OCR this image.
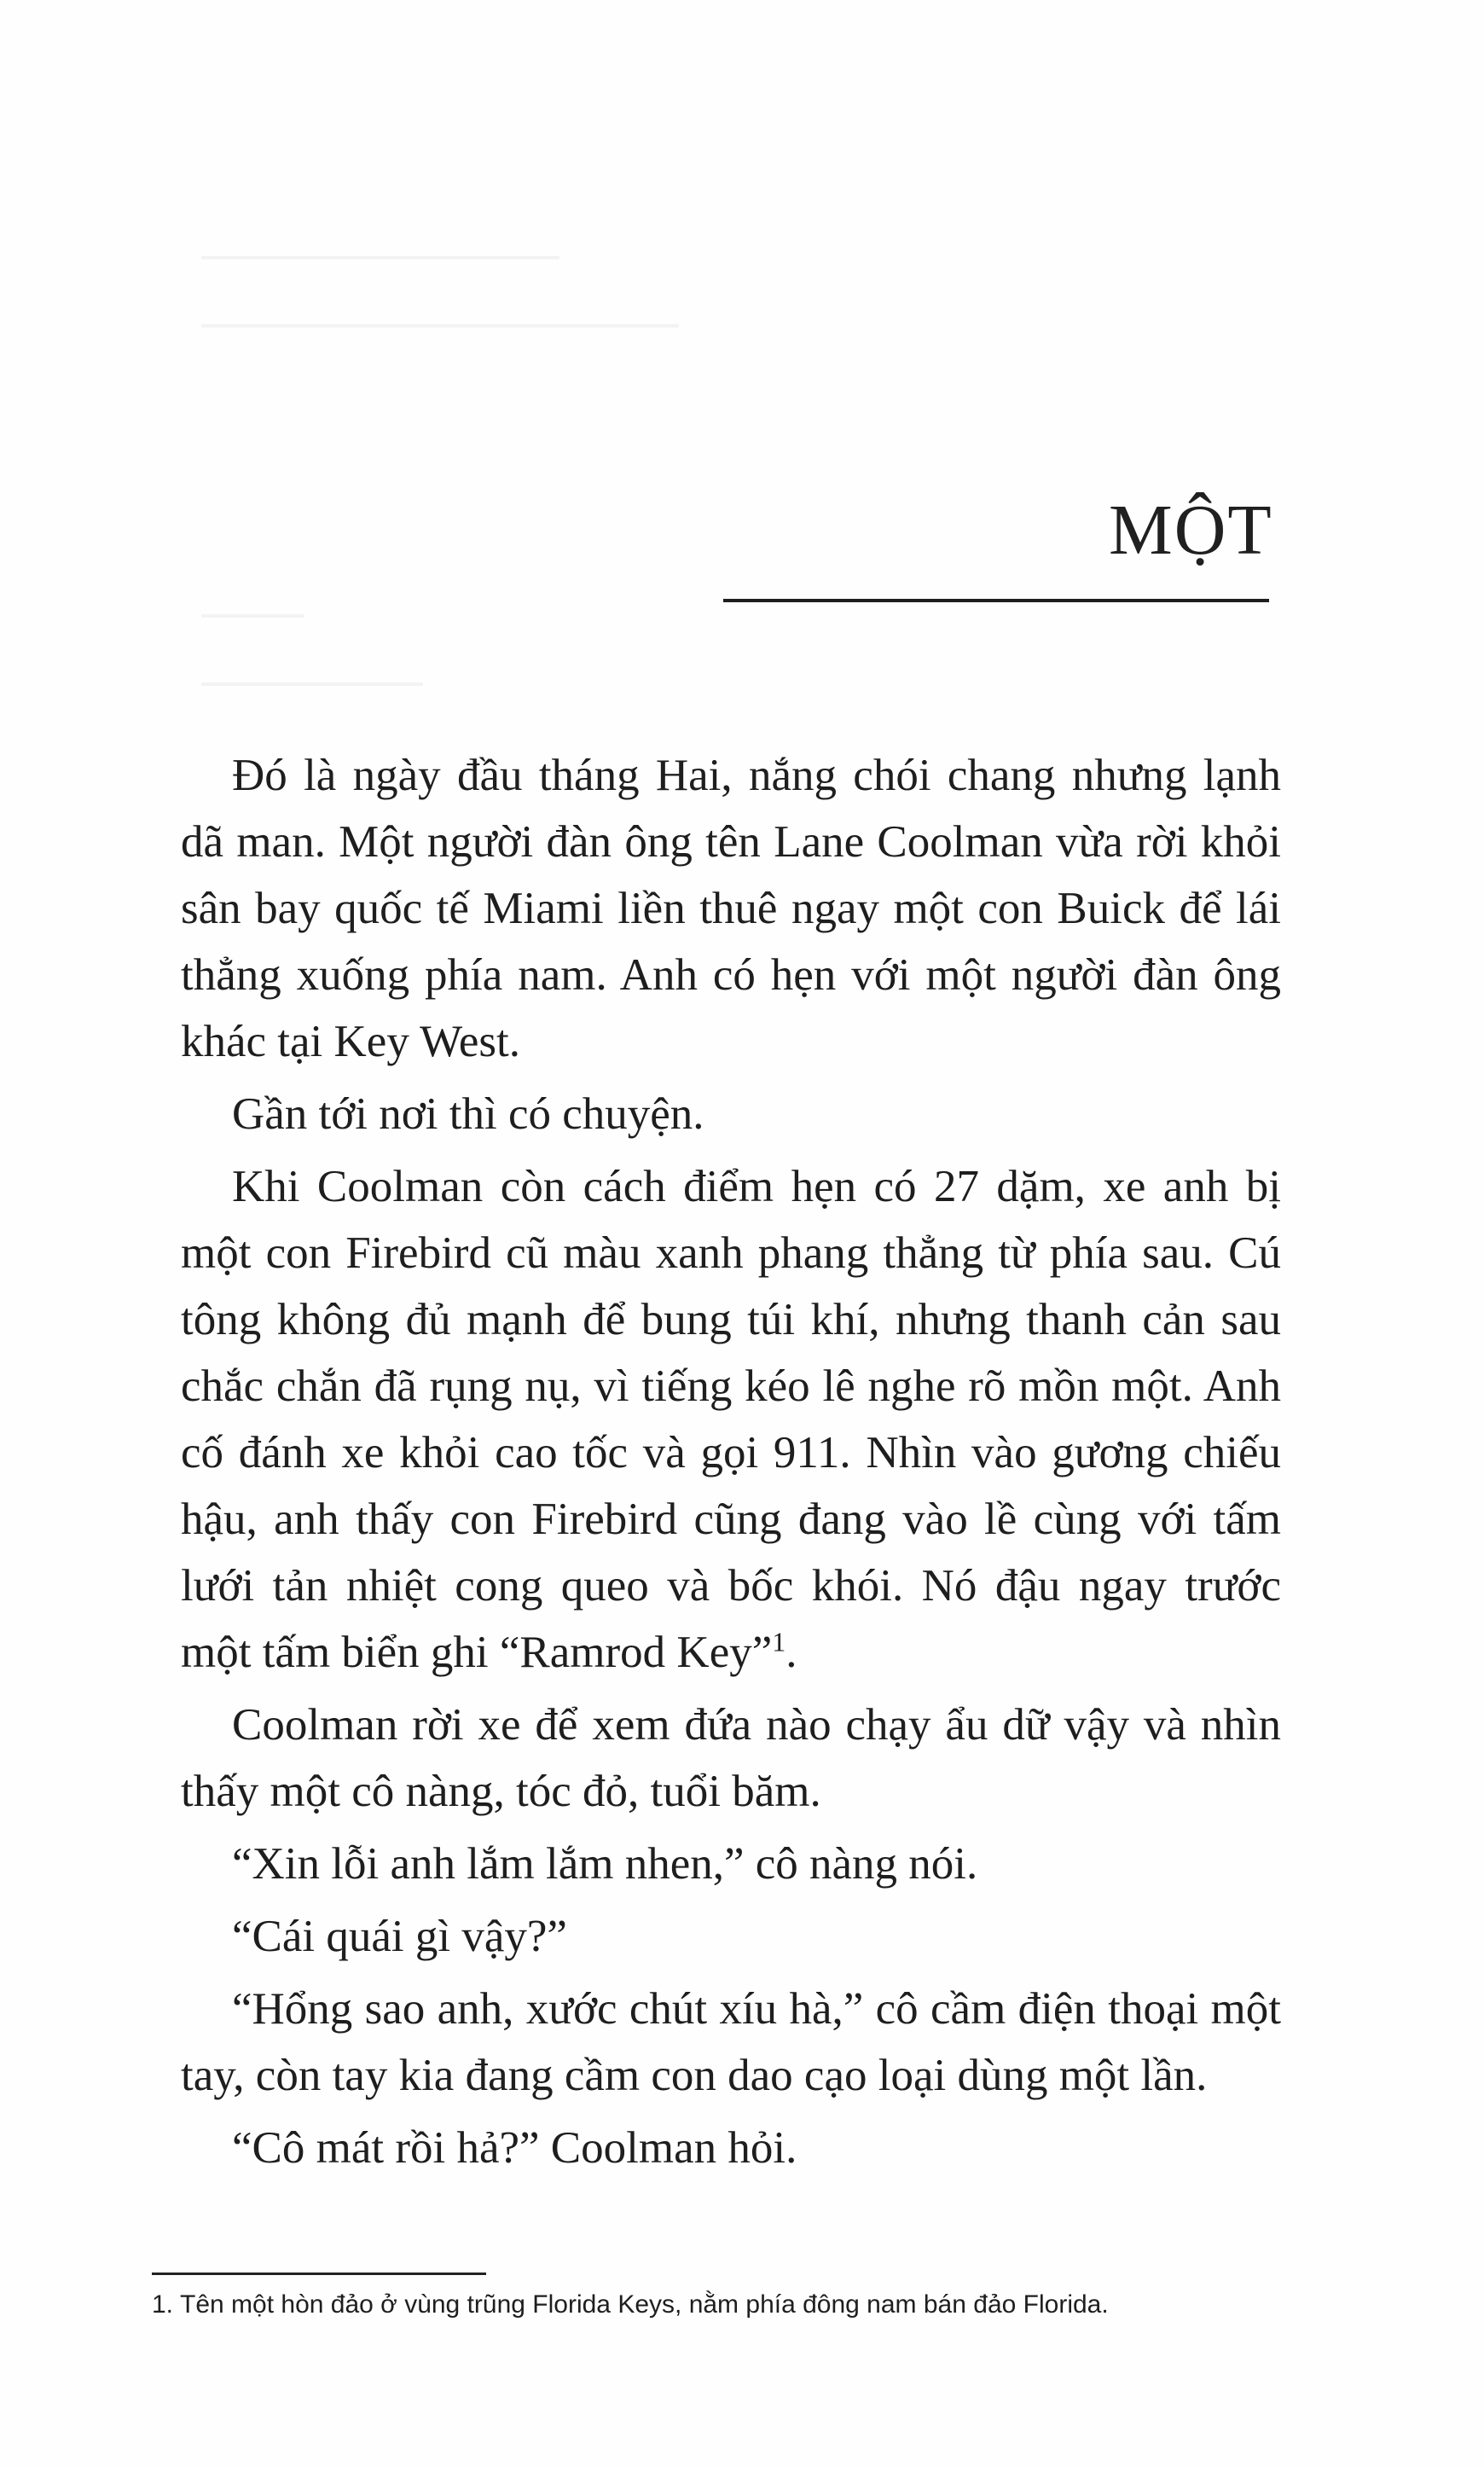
MỘT

Đó là ngày đầu tháng Hai, nắng chói chang nhưng lạnh dã man. Một người đàn ông tên Lane Coolman vừa rời khỏi sân bay quốc tế Miami liền thuê ngay một con Buick để lái thẳng xuống phía nam. Anh có hẹn với một người đàn ông khác tại Key West.

Gần tới nơi thì có chuyện.

Khi Coolman còn cách điểm hẹn có 27 dặm, xe anh bị một con Firebird cũ màu xanh phang thẳng từ phía sau. Cú tông không đủ mạnh để bung túi khí, nhưng thanh cản sau chắc chắn đã rụng nụ, vì tiếng kéo lê nghe rõ mồn một. Anh cố đánh xe khỏi cao tốc và gọi 911. Nhìn vào gương chiếu hậu, anh thấy con Firebird cũng đang vào lề cùng với tấm lưới tản nhiệt cong queo và bốc khói. Nó đậu ngay trước một tấm biển ghi “Ramrod Key”$^1$.

Coolman rời xe để xem đứa nào chạy ẩu dữ vậy và nhìn thấy một cô nàng, tóc đỏ, tuổi băm.

“Xin lỗi anh lắm lắm nhen,” cô nàng nói.

“Cái quái gì vậy?”

“Hổng sao anh, xước chút xíu hà,” cô cầm điện thoại một tay, còn tay kia đang cầm con dao cạo loại dùng một lần.

“Cô mát rồi hả?” Coolman hỏi.

1. Tên một hòn đảo ở vùng trũng Florida Keys, nằm phía đông nam bán đảo Florida.
